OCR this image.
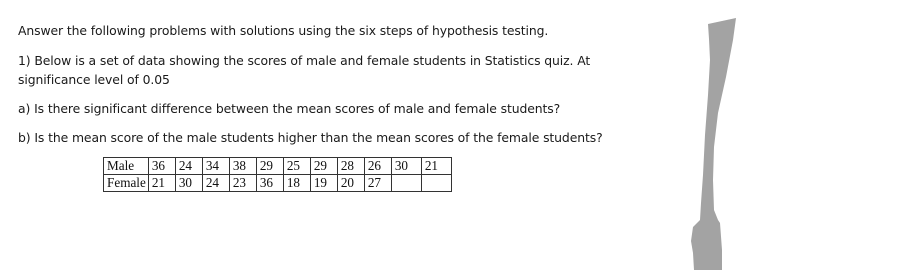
Answer the following problems with solutions using the six steps of hypothesis testing.
1) Below is a set of data showing the scores of male and female students in Statistics quiz. At
significance level of 0.05
a) Is there significant difference between the mean scores of male and female students?
b) Is the mean score of the male students higher than the mean scores of the female students?
Male	36	24	34	38	29	25	29	28	26	30	21
Female	21	30	24	23	36	18	19	20	27		
